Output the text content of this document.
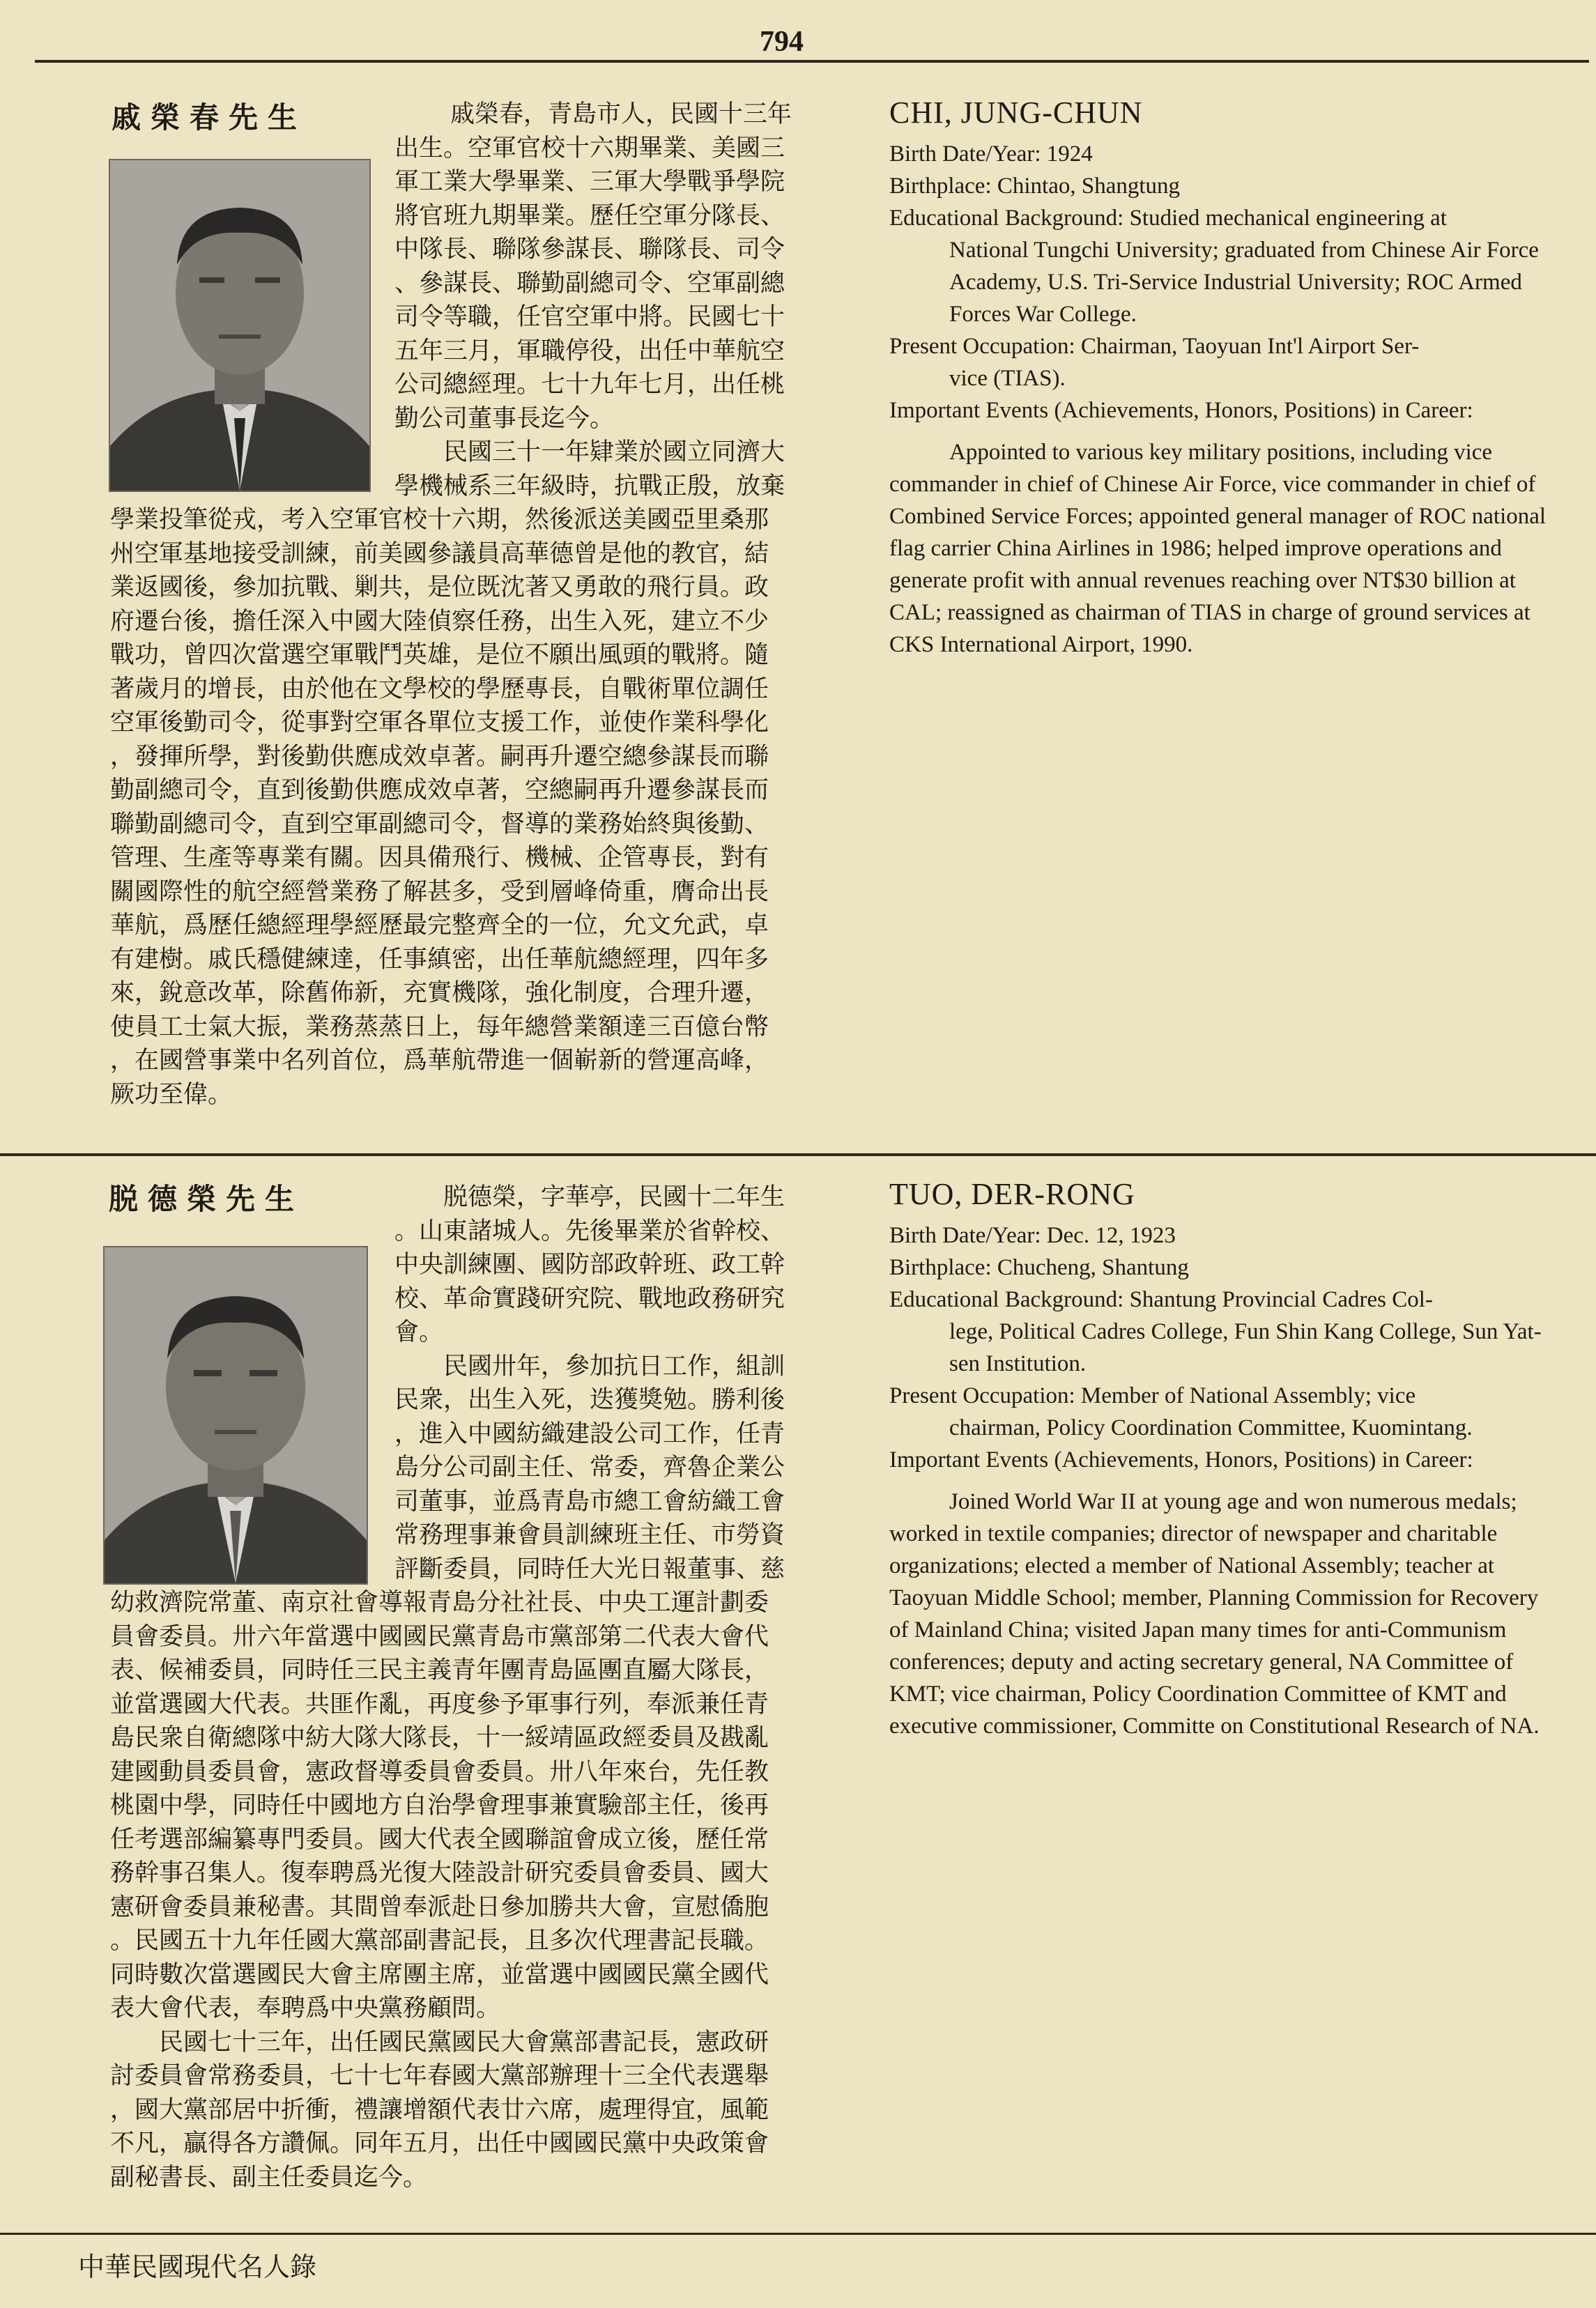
794
戚榮春先生	戚榮春，青島市人，民國十三年
出生。空軍官校十六期畢業、美國三
軍工業大學畢業、三軍大學戰爭學院
將官班九期畢業。歷任空軍分隊長、
中隊長、聯隊參謀長、聯隊長、司令
、參謀長、聯勤副總司令、空軍副總
司令等職，任官空軍中將。民國七十
五年三月，軍職停役，出任中華航空
公司總經理。七十九年七月，出任桃
勤公司董事長迄今。
民國三十一年肄業於國立同濟大
學機械系三年級時，抗戰正殷，放棄
學業投筆從戎，考入空軍官校十六期，然後派送美國亞里桑那
州空軍基地接受訓練，前美國參議員高華德曾是他的教官，結
業返國後，參加抗戰、剿共，是位既沈著又勇敢的飛行員。政
府遷台後，擔任深入中國大陸偵察任務，出生入死，建立不少
戰功，曾四次當選空軍戰鬥英雄，是位不願出風頭的戰將。隨
著歲月的增長，由於他在文學校的學歷專長，自戰術單位調任
空軍後勤司令，從事對空軍各單位支援工作，並使作業科學化
，發揮所學，對後勤供應成效卓著。嗣再升遷空總參謀長而聯
勤副總司令，直到後勤供應成效卓著，空總嗣再升遷參謀長而
聯勤副總司令，直到空軍副總司令，督導的業務始終與後勤、
管理、生產等專業有關。因具備飛行、機械、企管專長，對有
關國際性的航空經營業務了解甚多，受到層峰倚重，膺命出長
華航，爲歷任總經理學經歷最完整齊全的一位，允文允武，卓
有建樹。戚氏穩健練達，任事縝密，出任華航總經理，四年多
來，銳意改革，除舊佈新，充實機隊，強化制度，合理升遷，
使員工士氣大振，業務蒸蒸日上，每年總營業額達三百億台幣
，在國營事業中名列首位，爲華航帶進一個嶄新的營運高峰，
厥功至偉。
CHI, JUNG-CHUN
Birth Date/Year: 1924
Birthplace: Chintao, Shangtung
Educational Background: Studied mechanical engineering at
National Tungchi University; graduated from Chinese Air Force Academy, U.S. Tri-Service Industrial University; ROC Armed Forces War College.
Present Occupation: Chairman, Taoyuan Int'l Airport Ser-
vice (TIAS).
Important Events (Achievements, Honors, Positions) in Career:
Appointed to various key military positions, including vice commander in chief of Chinese Air Force, vice commander in chief of Combined Service Forces; appointed general manager of ROC national flag carrier China Airlines in 1986; helped improve operations and generate profit with annual revenues reaching over NT$30 billion at CAL; reassigned as chairman of TIAS in charge of ground services at CKS International Airport, 1990.
脱德榮先生	脱德榮，字華亭，民國十二年生
。山東諸城人。先後畢業於省幹校、
中央訓練團、國防部政幹班、政工幹
校、革命實踐研究院、戰地政務研究
會。
民國卅年，參加抗日工作，組訓
民衆，出生入死，迭獲獎勉。勝利後
，進入中國紡織建設公司工作，任青
島分公司副主任、常委，齊魯企業公
司董事，並爲青島市總工會紡織工會
常務理事兼會員訓練班主任、市勞資
評斷委員，同時任大光日報董事、慈
幼救濟院常董、南京社會導報青島分社社長、中央工運計劃委
員會委員。卅六年當選中國國民黨青島市黨部第二代表大會代
表、候補委員，同時任三民主義青年團青島區團直屬大隊長，
並當選國大代表。共匪作亂，再度參予軍事行列，奉派兼任青
島民衆自衛總隊中紡大隊大隊長，十一綏靖區政經委員及戡亂
建國動員委員會，憲政督導委員會委員。卅八年來台，先任教
桃園中學，同時任中國地方自治學會理事兼實驗部主任，後再
任考選部編纂專門委員。國大代表全國聯誼會成立後，歷任常
務幹事召集人。復奉聘爲光復大陸設計研究委員會委員、國大
憲研會委員兼秘書。其間曾奉派赴日參加勝共大會，宣慰僑胞
。民國五十九年任國大黨部副書記長，且多次代理書記長職。
同時數次當選國民大會主席團主席，並當選中國國民黨全國代
表大會代表，奉聘爲中央黨務顧問。
民國七十三年，出任國民黨國民大會黨部書記長，憲政研
討委員會常務委員，七十七年春國大黨部辦理十三全代表選舉
，國大黨部居中折衝，禮讓增額代表廿六席，處理得宜，風範
不凡，贏得各方讚佩。同年五月，出任中國國民黨中央政策會
副秘書長、副主任委員迄今。
TUO, DER-RONG
Birth Date/Year: Dec. 12, 1923
Birthplace: Chucheng, Shantung
Educational Background: Shantung Provincial Cadres Col-
lege, Political Cadres College, Fun Shin Kang College, Sun Yat-sen Institution.
Present Occupation: Member of National Assembly; vice
chairman, Policy Coordination Committee, Kuomintang.
Important Events (Achievements, Honors, Positions) in Career:
Joined World War II at young age and won numerous medals; worked in textile companies; director of newspaper and charitable organizations; elected a member of National Assembly; teacher at Taoyuan Middle School; member, Planning Commission for Recovery of Mainland China; visited Japan many times for anti-Communism conferences; deputy and acting secretary general, NA Committee of KMT; vice chairman, Policy Coordination Committee of KMT and executive commissioner, Committe on Constitutional Research of NA.
中華民國現代名人錄
